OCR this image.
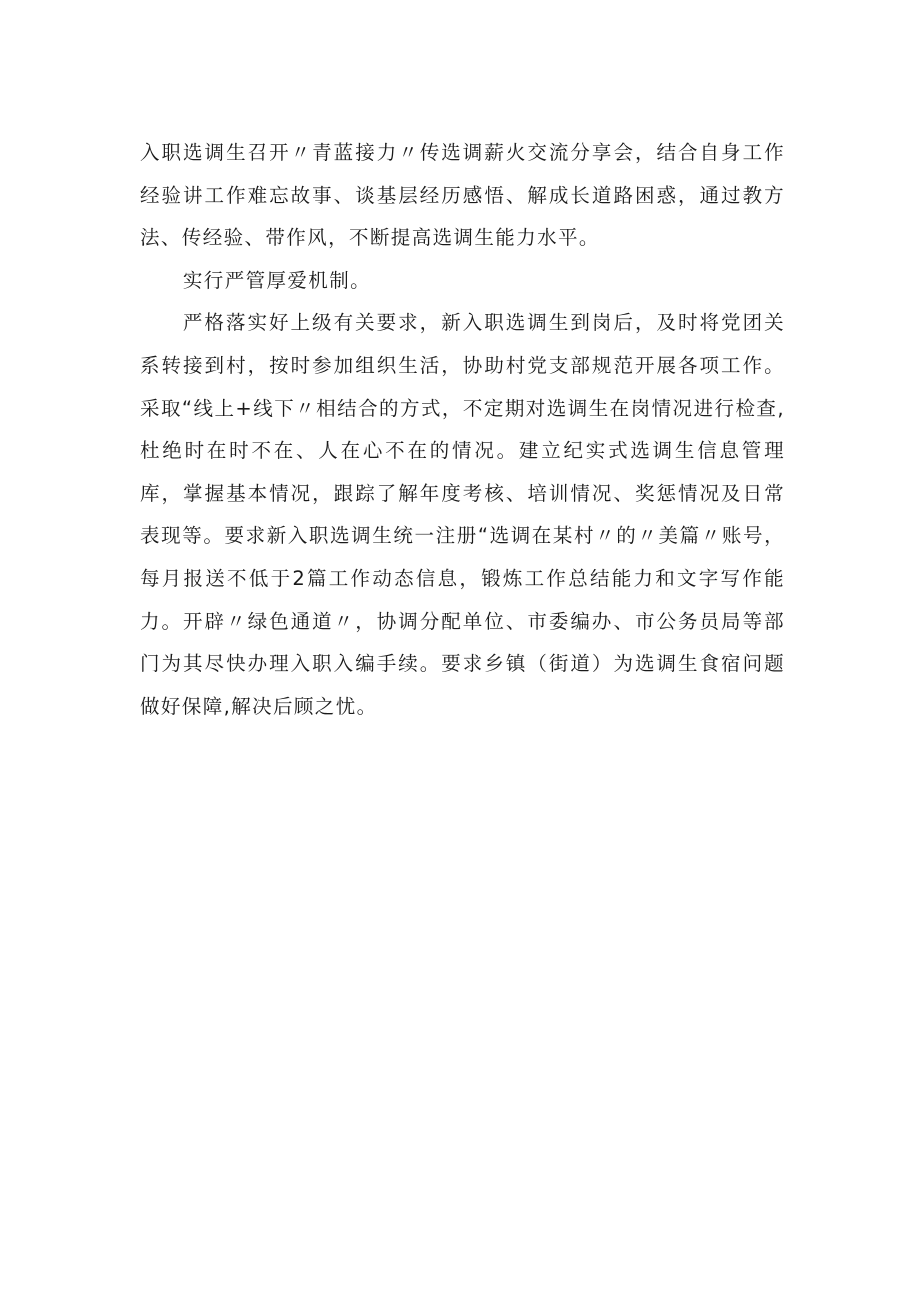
入职选调生召开〃青蓝接力〃传选调薪火交流分享会，结合自身工作经验讲工作难忘故事、谈基层经历感悟、解成长道路困惑，通过教方法、传经验、带作风，不断提高选调生能力水平。

实行严管厚爱机制。

严格落实好上级有关要求，新入职选调生到岗后，及时将党团关系转接到村，按时参加组织生活，协助村党支部规范开展各项工作。采取“线上+线下〃相结合的方式，不定期对选调生在岗情况进行检查,杜绝时在时不在、人在心不在的情况。建立纪实式选调生信息管理库，掌握基本情况，跟踪了解年度考核、培训情况、奖惩情况及日常表现等。要求新入职选调生统一注册“选调在某村〃的〃美篇〃账号，每月报送不低于2篇工作动态信息，锻炼工作总结能力和文字写作能力。开辟〃绿色通道〃，协调分配单位、市委编办、市公务员局等部门为其尽快办理入职入编手续。要求乡镇（街道）为选调生食宿问题做好保障,解决后顾之忧。
